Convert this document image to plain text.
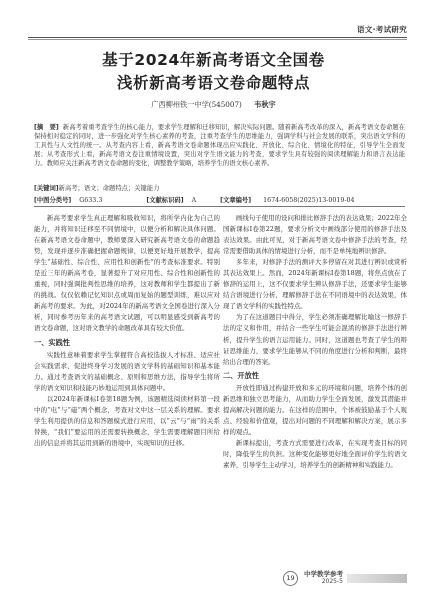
语文·考试研究
基于2024年新高考语文全国卷
浅析新高考语文卷命题特点
广西柳州铁一中学(545007) 韦秋宇
[摘　要] 新高考着重考查学生的核心能力，要求学生理解和迁移知识，解决实际问题。随着新高考改革的深入，新高考语文卷命题在保持相对稳定的同时，进一步强化对学生核心素养的考查，注重考查学生的思维能力，强调学科与社会发展的联系，突出语文学科的工具性与人文性的统一。从考查内容上看，新高考语文卷命题体现出应实践化、开放化、综合化、情境化的特征，引导学生全面发展；从考查形式上看，新高考语文卷注重情境设置，突出对学生语文能力的考查，要求学生具有较强的阅读理解能力和语言表达能力。教师应关注新高考语文卷命题的变化，调整教学策略，培养学生的语文核心素养。
[关键词]新高考；语文；命题特点；关键能力
[中图分类号] G633.3	[文献标识码] A	[文章编号] 1674-6058(2025)13-0019-04

新高考要求学生真正理解和吸收知识，将所学内化为自己的能力，并将知识迁移至不同情境中，以便分析和解决具体问题。在新高考语文卷命题中，教师要深入研究新高考语文卷的命题趋势，发现并逐步准确把握命题规律，以便更好地开展教学，提高学生“基础性、综合性、应用性和创新性”的考查标准要求。特别是近三年的新高考卷，显著提升了对应用性、综合性和创新性的重视，同时强调批判性思维的培养，这对教师和学生都提出了新的挑战。仅仅依赖记忆知识点或周而复始的题型训练，难以应对新高考的要求。为此，对2024年的新高考语文全国卷进行深入分析，同时参考历年来的高考语文试题，可以明显感受到新高考的语文卷命题，这对语文教学的命题改革具有较大价值。

一、实践性

实践性意味着要求学生掌握符合高校选拔人才标准、适应社会实践需求、促进终身学习发展的语文学科的基础知识和基本能力。通过考查语文的基础概念、原则和思维方法，指导学生将所学的语文知识和技能巧妙地运用到具体问题中。

以2024年新课标Ⅰ卷第18题为例，该题精选阅读材料第一段中的“电”与“磁”两个概念，考查对文中这一层关系的理解。要求学生利用提供的信息和答题模式进行应用，以“云”与“雨”的关系替换，“我们”要运用的还需要转换概念，学生需要理解题目所给出的信息并将其运用到新的语境中，实现知识的迁移。

画线句子使用的设问和排比修辞手法的表达效果；2022年全国新课标Ⅰ卷第22题，要求分析文中画线部分使用的修辞手法及表达效果。由此可见，对于新高考语文卷中修辞手法的考查，经常需要借助具体的情境进行分析，而不是单纯地辨识修辞。

多年来，对修辞手法的测评大多停留在对其进行辨识或赏析其表达效果上。然而，2024年新课标Ⅰ卷第18题，将焦点放在了修辞的运用上，这不仅要求学生辨认修辞手法，还要求学生能够结合语境进行分析，理解修辞手法在不同语境中的表达效果，体现了语文学科的实践性特点。

为了在这道题目中得分，学生必须准确理解比喻这一修辞手法的定义和作用，并结合一些学生可能会混淆的修辞手法进行辨析，提升学生的语言运用能力。同时，这道题也考查了学生的辩证思维能力，要求学生能够从不同的角度进行分析和判断，最终给出合理的答案。

二、开放性

开放性即通过构建开放和多元的环境和问题，培养个体的创新思维和独立思考能力，从而助力学生全面发展，激发其潜能并提高解决问题的能力。在这样的范围中，个体被鼓励基于个人观点、经验和价值观，提出对问题的不同理解和解决方案，展示多样的观点。

新课标提出，考查方式需要进行改革，在实现考查目标的同时，降低学生的负担。这种变化能够更好地全面评价学生的语文素养，引导学生主动学习，培养学生的创新精神和实践能力。

19	中学教学参考
2025-5
